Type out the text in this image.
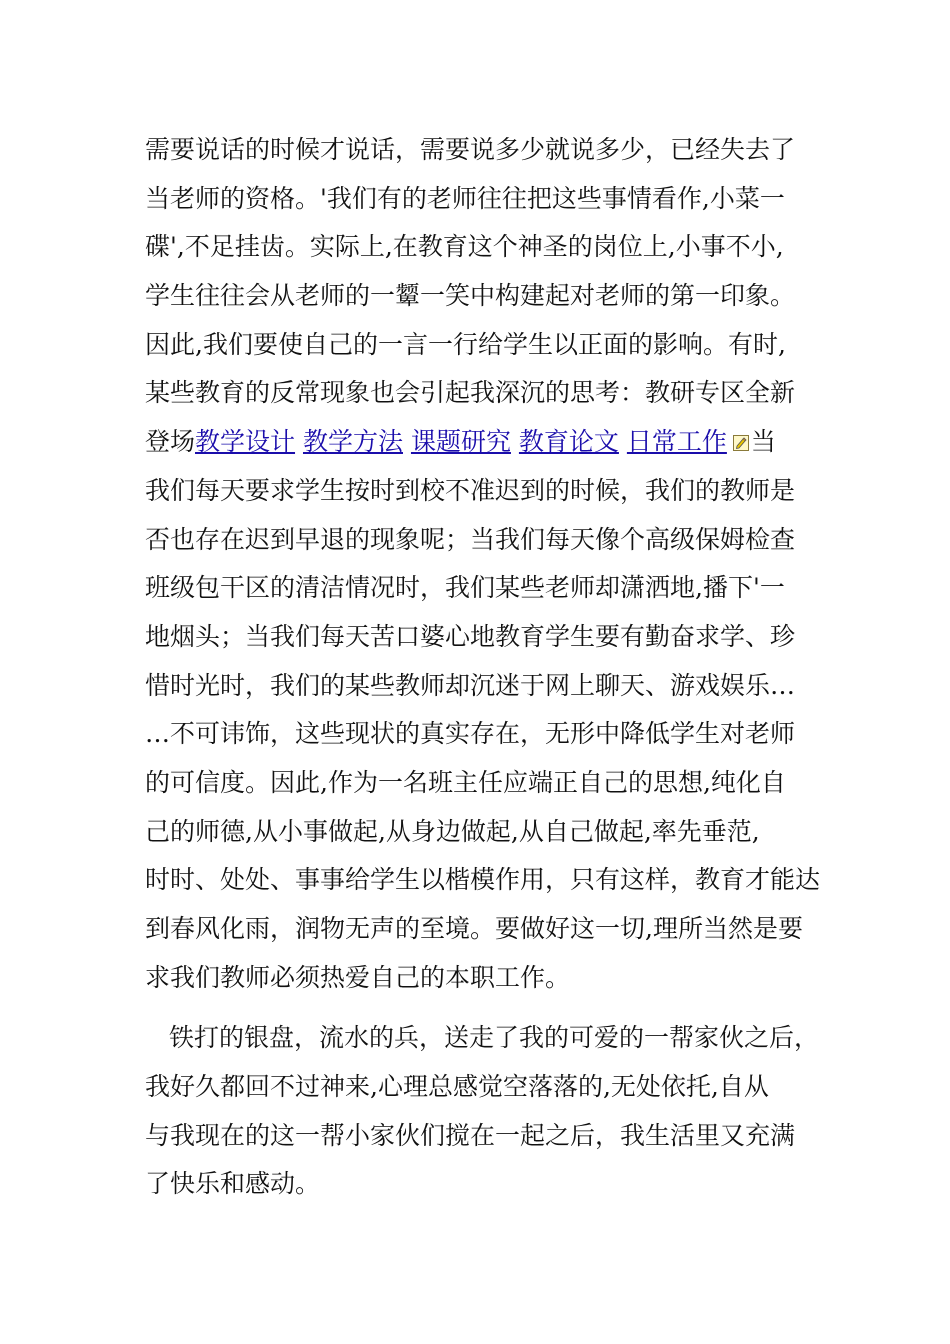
需要说话的时候才说话，需要说多少就说多少，已经失去了
当老师的资格。'我们有的老师往往把这些事情看作,小菜一
碟',不足挂齿。实际上,在教育这个神圣的岗位上,小事不小,
学生往往会从老师的一颦一笑中构建起对老师的第一印象。
因此,我们要使自己的一言一行给学生以正面的影响。有时,
某些教育的反常现象也会引起我深沉的思考：教研专区全新
登场教学设计 教学方法 课题研究 教育论文 日常工作 当
我们每天要求学生按时到校不准迟到的时候，我们的教师是
否也存在迟到早退的现象呢；当我们每天像个高级保姆检查
班级包干区的清洁情况时，我们某些老师却潇洒地,播下'一
地烟头；当我们每天苦口婆心地教育学生要有勤奋求学、珍
惜时光时，我们的某些教师却沉迷于网上聊天、游戏娱乐…
…不可讳饰，这些现状的真实存在，无形中降低学生对老师
的可信度。因此,作为一名班主任应端正自己的思想,纯化自
己的师德,从小事做起,从身边做起,从自己做起,率先垂范,
时时、处处、事事给学生以楷模作用，只有这样，教育才能达
到春风化雨，润物无声的至境。要做好这一切,理所当然是要
求我们教师必须热爱自己的本职工作。
铁打的银盘，流水的兵，送走了我的可爱的一帮家伙之后，
我好久都回不过神来,心理总感觉空落落的,无处依托,自从
与我现在的这一帮小家伙们搅在一起之后，我生活里又充满
了快乐和感动。
